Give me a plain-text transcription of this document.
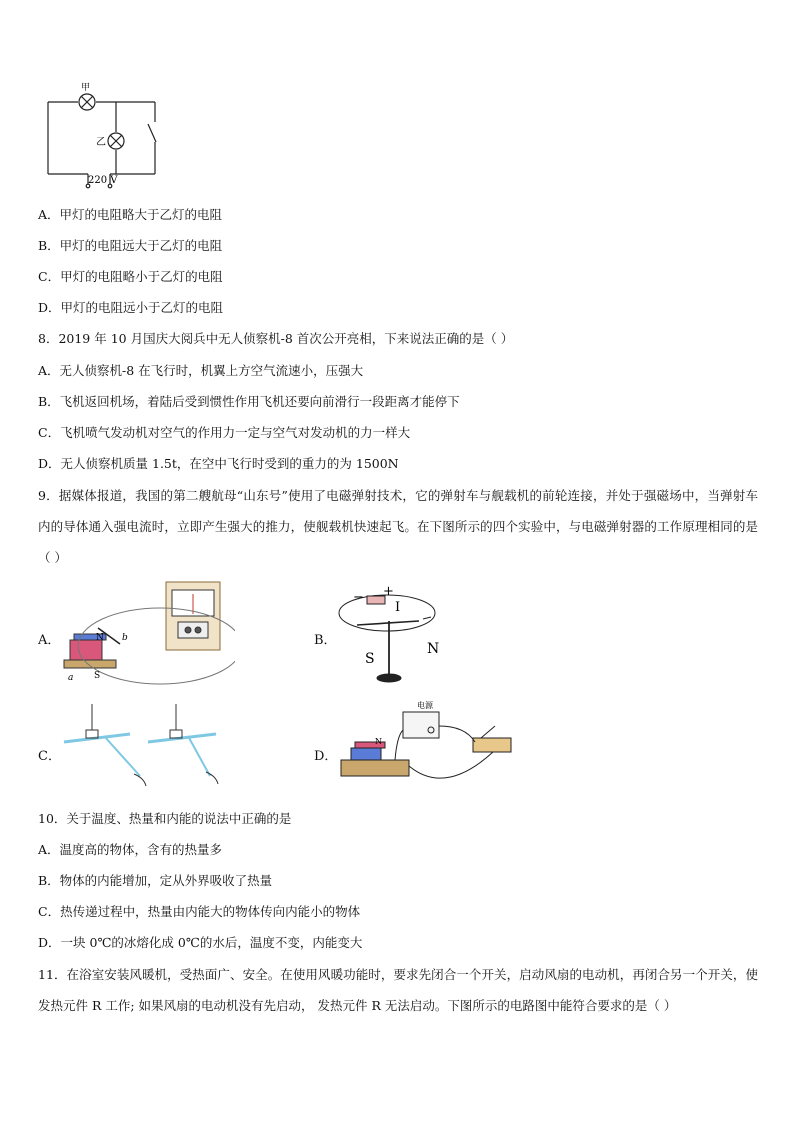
甲
乙
220 V
A．甲灯的电阻略大于乙灯的电阻
B．甲灯的电阻远大于乙灯的电阻
C．甲灯的电阻略小于乙灯的电阻
D．甲灯的电阻远小于乙灯的电阻
8．2019 年 10 月国庆大阅兵中无人侦察机-8 首次公开亮相，下来说法正确的是（ ）
A．无人侦察机-8 在飞行时，机翼上方空气流速小，压强大
B．飞机返回机场，着陆后受到惯性作用飞机还要向前滑行一段距离才能停下
C．飞机喷气发动机对空气的作用力一定与空气对发动机的力一样大
D．无人侦察机质量 1.5t，在空中飞行时受到的重力的为 1500N
9．据媒体报道，我国的第二艘航母“山东号”使用了电磁弹射技术，它的弹射车与舰载机的前轮连接，并处于强磁场中，当弹射车内的导体通入强电流时，立即产生强大的推力，使舰载机快速起飞。在下图所示的四个实验中，与电磁弹射器的工作原理相同的是（ ）
A．	N
a
b
S
B．
− +
I
S
N
C．	D．
电源
N
10．关于温度、热量和内能的说法中正确的是
A．温度高的物体，含有的热量多
B．物体的内能增加，定从外界吸收了热量
C．热传递过程中，热量由内能大的物体传向内能小的物体
D．一块 0℃的冰熔化成 0℃的水后，温度不变，内能变大
11．在浴室安装风暖机，受热面广、安全。在使用风暖功能时，要求先闭合一个开关，启动风扇的电动机，再闭合另一个开关，使发热元件 R 工作; 如果风扇的电动机没有先启动， 发热元件 R 无法启动。下图所示的电路图中能符合要求的是（ ）
